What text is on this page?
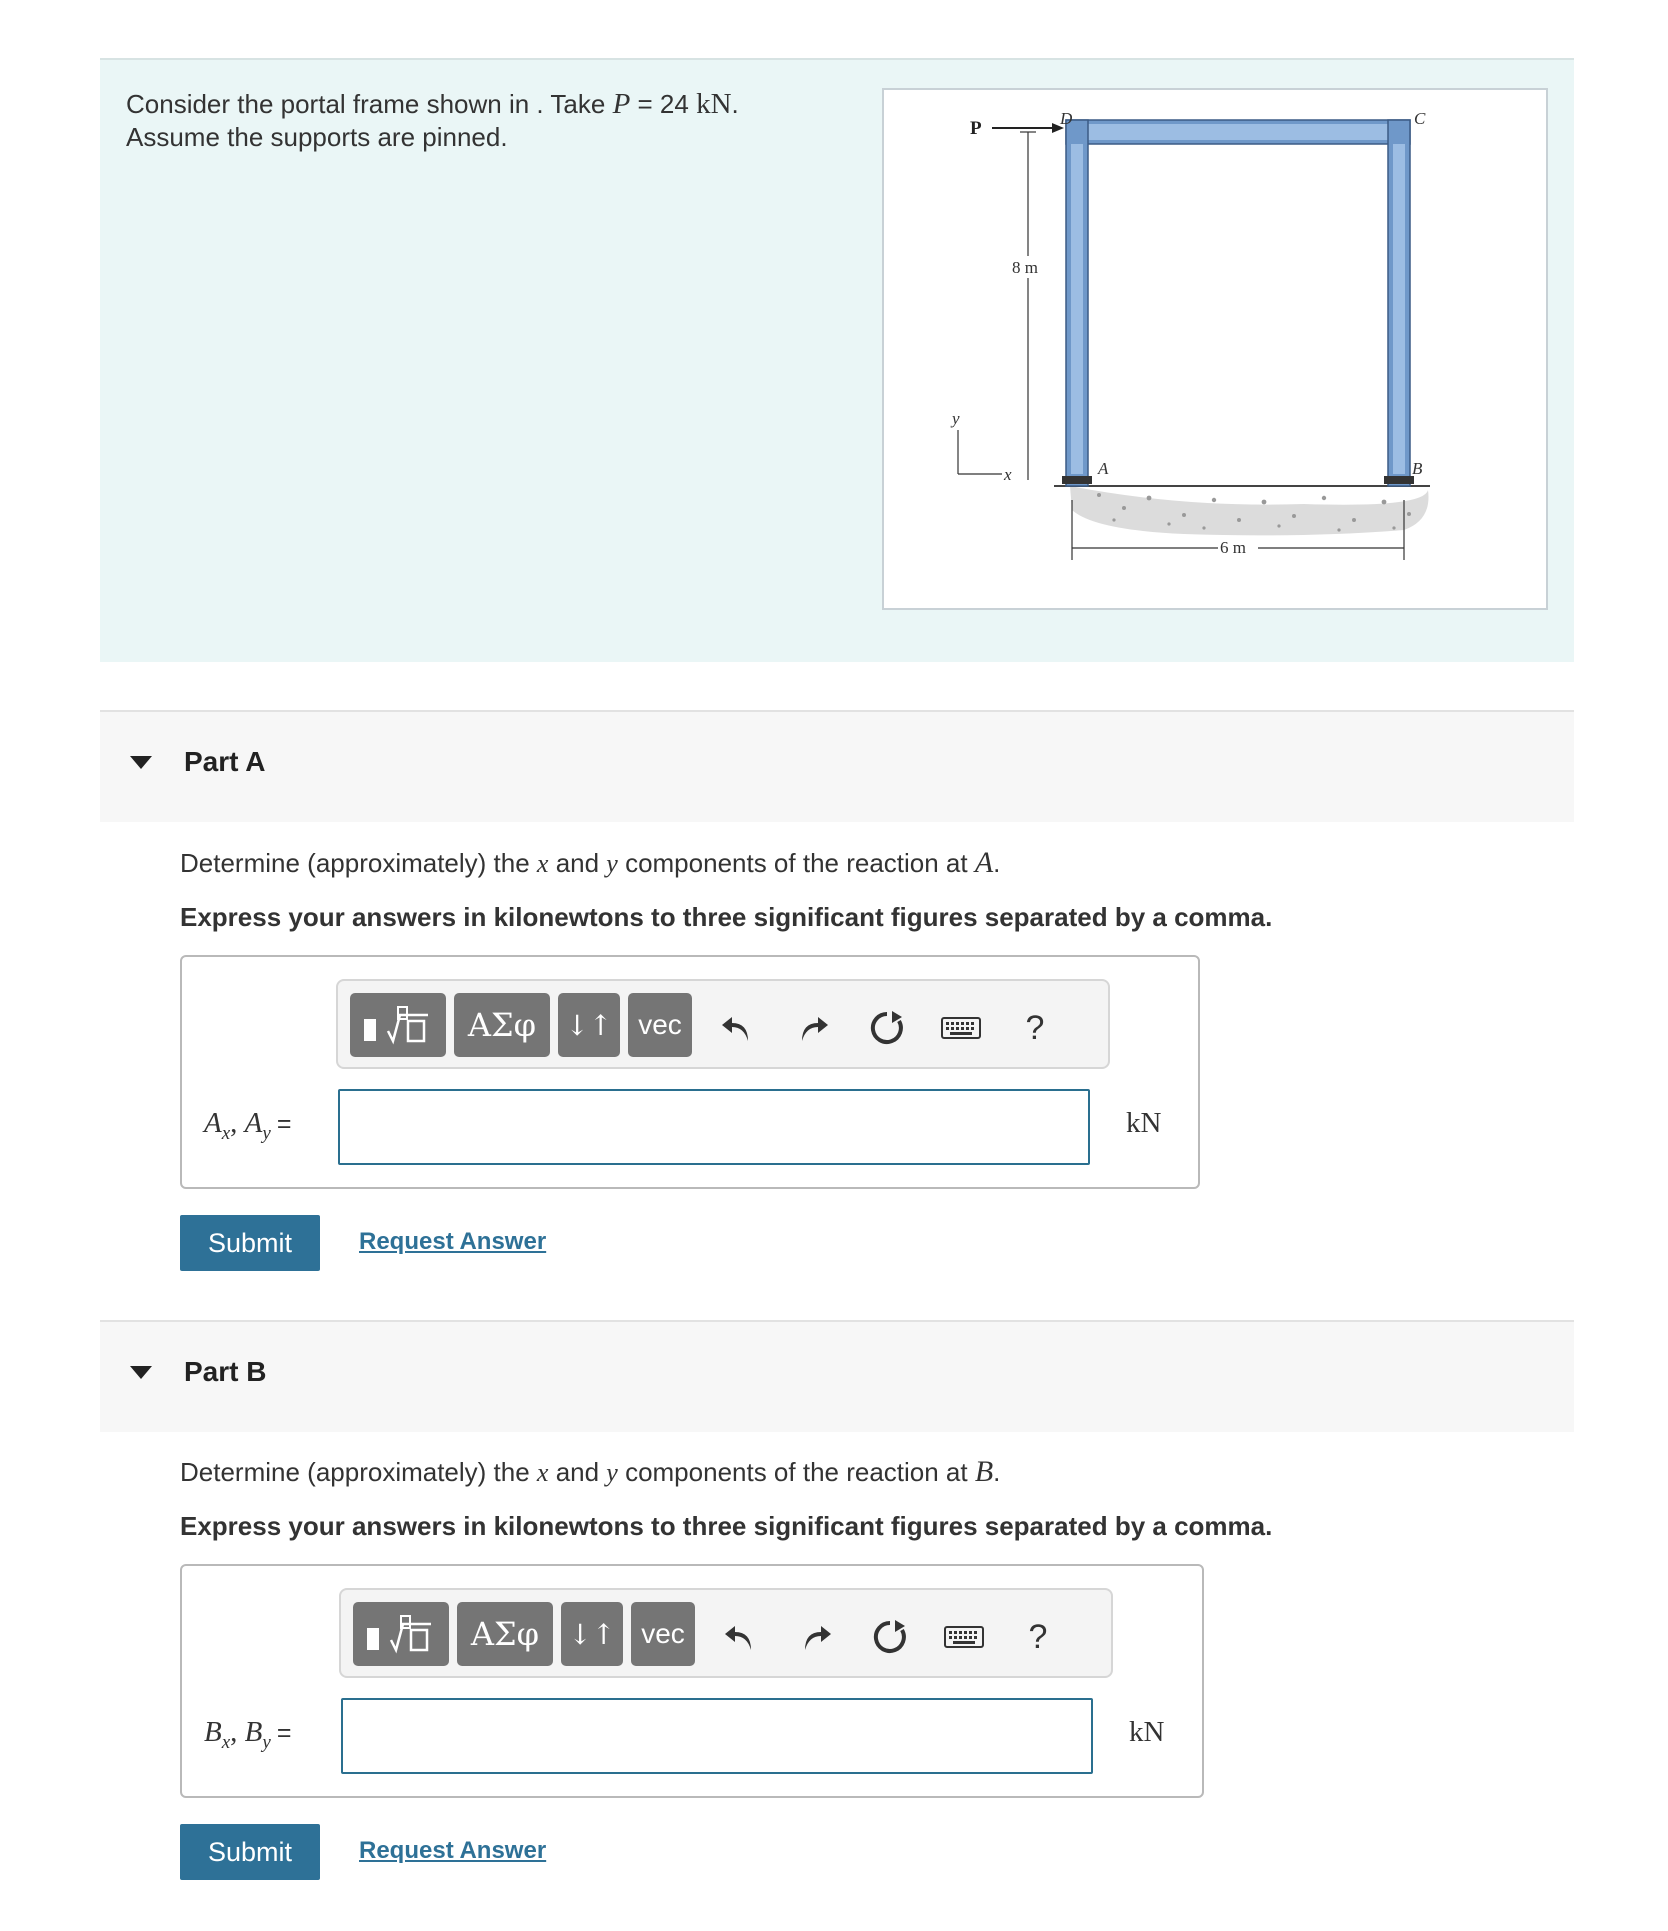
Consider the portal frame shown in . Take P = 24 kN.
Assume the supports are pinned.	P
8 m
6 m
D	C
A	B
y
x
Part A
Determine (approximately) the x and y components of the reaction at A.
Express your answers in kilonewtons to three significant figures separated by a comma.
ΑΣφ	↓↑ vec	?
$A_x$, $A_y$ =	kN
Submit	Request Answer
Part B
Determine (approximately) the x and y components of the reaction at B.
Express your answers in kilonewtons to three significant figures separated by a comma.
ΑΣφ	↓↑ vec	?
$B_x$, $B_y$ =	kN
Submit	Request Answer
